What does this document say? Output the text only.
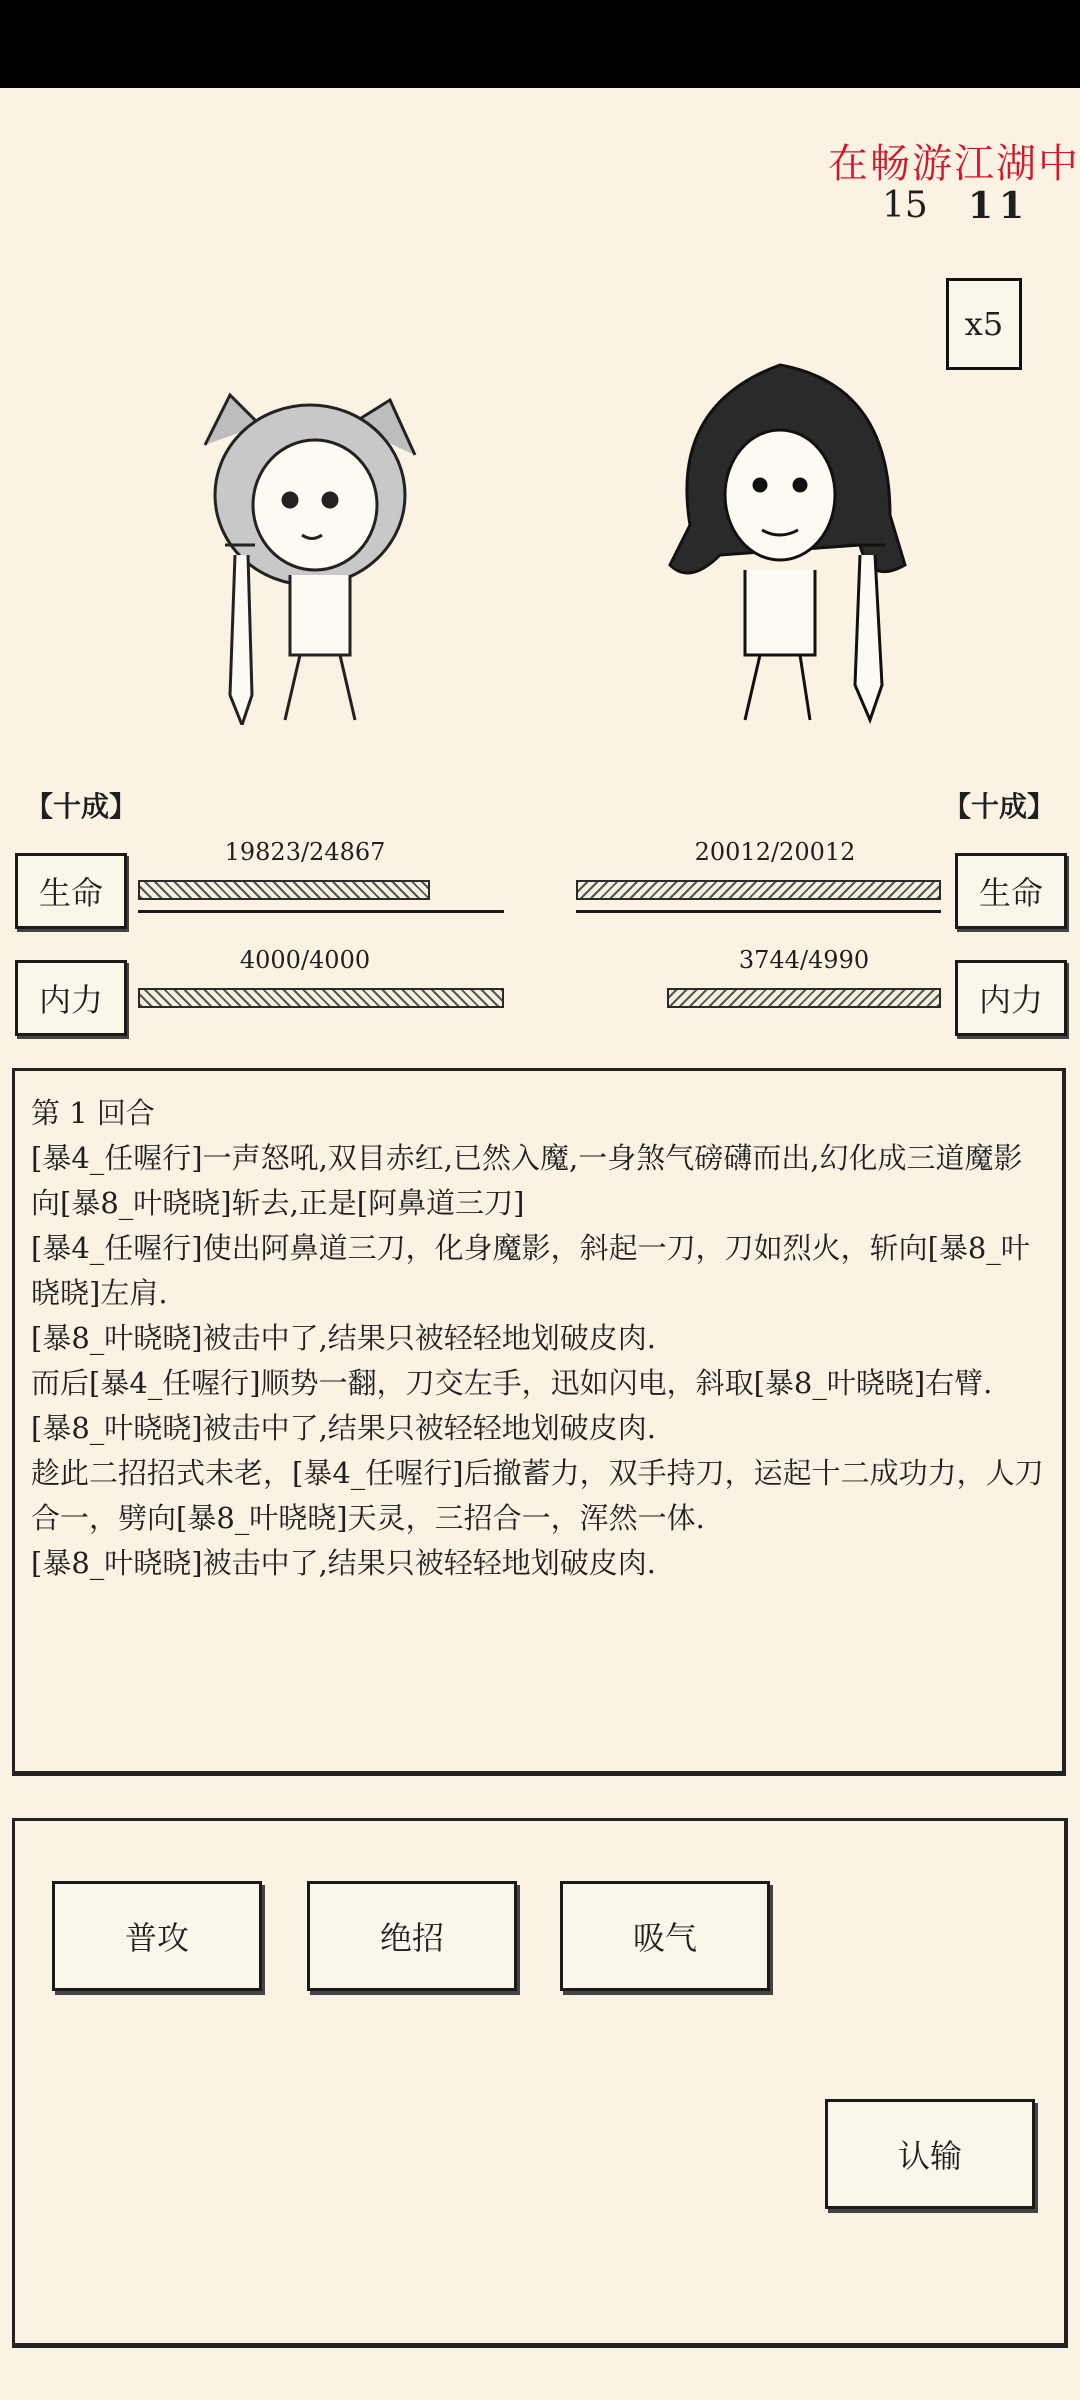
在畅游江湖中
15 11
x5
【十成】	【十成】
生命
19823/24867
生命
20012/20012
内力
4000/4000
内力
3744/4990
第 1 回合
[暴4_任喔行]一声怒吼,双目赤红,已然入魔,一身煞气磅礴而出,幻化成三道魔影向[暴8_叶晓晓]斩去,正是[阿鼻道三刀]
[暴4_任喔行]使出阿鼻道三刀，化身魔影，斜起一刀，刀如烈火，斩向[暴8_叶晓晓]左肩.
[暴8_叶晓晓]被击中了,结果只被轻轻地划破皮肉.
而后[暴4_任喔行]顺势一翻，刀交左手，迅如闪电，斜取[暴8_叶晓晓]右臂.
[暴8_叶晓晓]被击中了,结果只被轻轻地划破皮肉.
趁此二招招式未老，[暴4_任喔行]后撤蓄力，双手持刀，运起十二成功力，人刀合一，劈向[暴8_叶晓晓]天灵，三招合一，浑然一体.
[暴8_叶晓晓]被击中了,结果只被轻轻地划破皮肉.
普攻	绝招	吸气
认输
